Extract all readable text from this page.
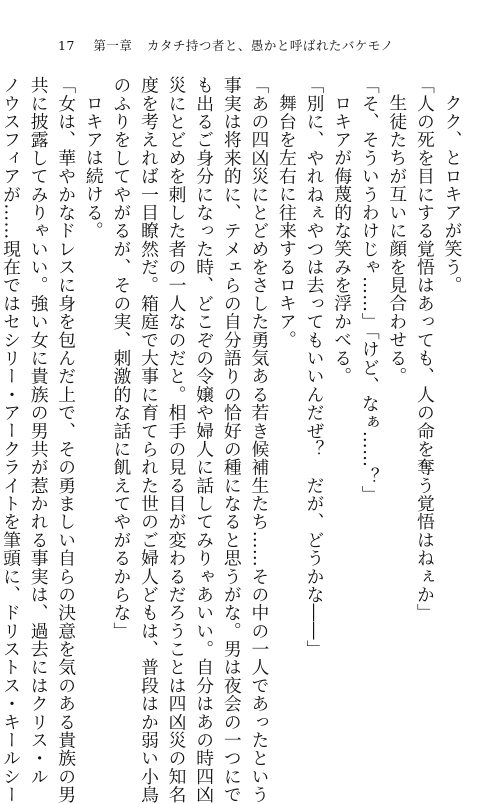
17 第一章 カタチ持つ者と、愚かと呼ばれたバケモノ
クク、とロキアが笑う。
「人の死を目にする覚悟はあっても、人の命を奪う覚悟はねぇか」
生徒たちが互いに顔を見合わせる。
「そ、そういうわけじゃ……」「けど、なぁ……？」
ロキアが侮蔑的な笑みを浮かべる。
「別に、やれねぇやつは去ってもいいんだぜ？　だが、どうかな――」
舞台を左右に往来するロキア。
「あの四凶災にとどめをさした勇気ある若き候補生たち……その中の一人であったという
事実は将来的に、テメェらの自分語りの恰好の種になると思うがな。男は夜会の一つにで
も出るご身分になった時、どこぞの令嬢や婦人に話してみりゃあいい。自分はあの時四凶
災にとどめを刺した者の一人なのだと。相手の見る目が変わるだろうことは四凶災の知名
度を考えれば一目瞭然だ。箱庭で大事に育てられた世のご婦人どもは、普段はか弱い小鳥
のふりをしてやがるが、その実、刺激的な話に飢えてやがるからな」
ロキアは続ける。
「女は、華やかなドレスに身を包んだ上で、その勇ましい自らの決意を気のある貴族の男
共に披露してみりゃいい。強い女に貴族の男共が惹かれる事実は、過去にはクリス・ル
ノウスフィアが……現在ではセシリー・アークライトを筆頭に、ドリストス・キールシー
